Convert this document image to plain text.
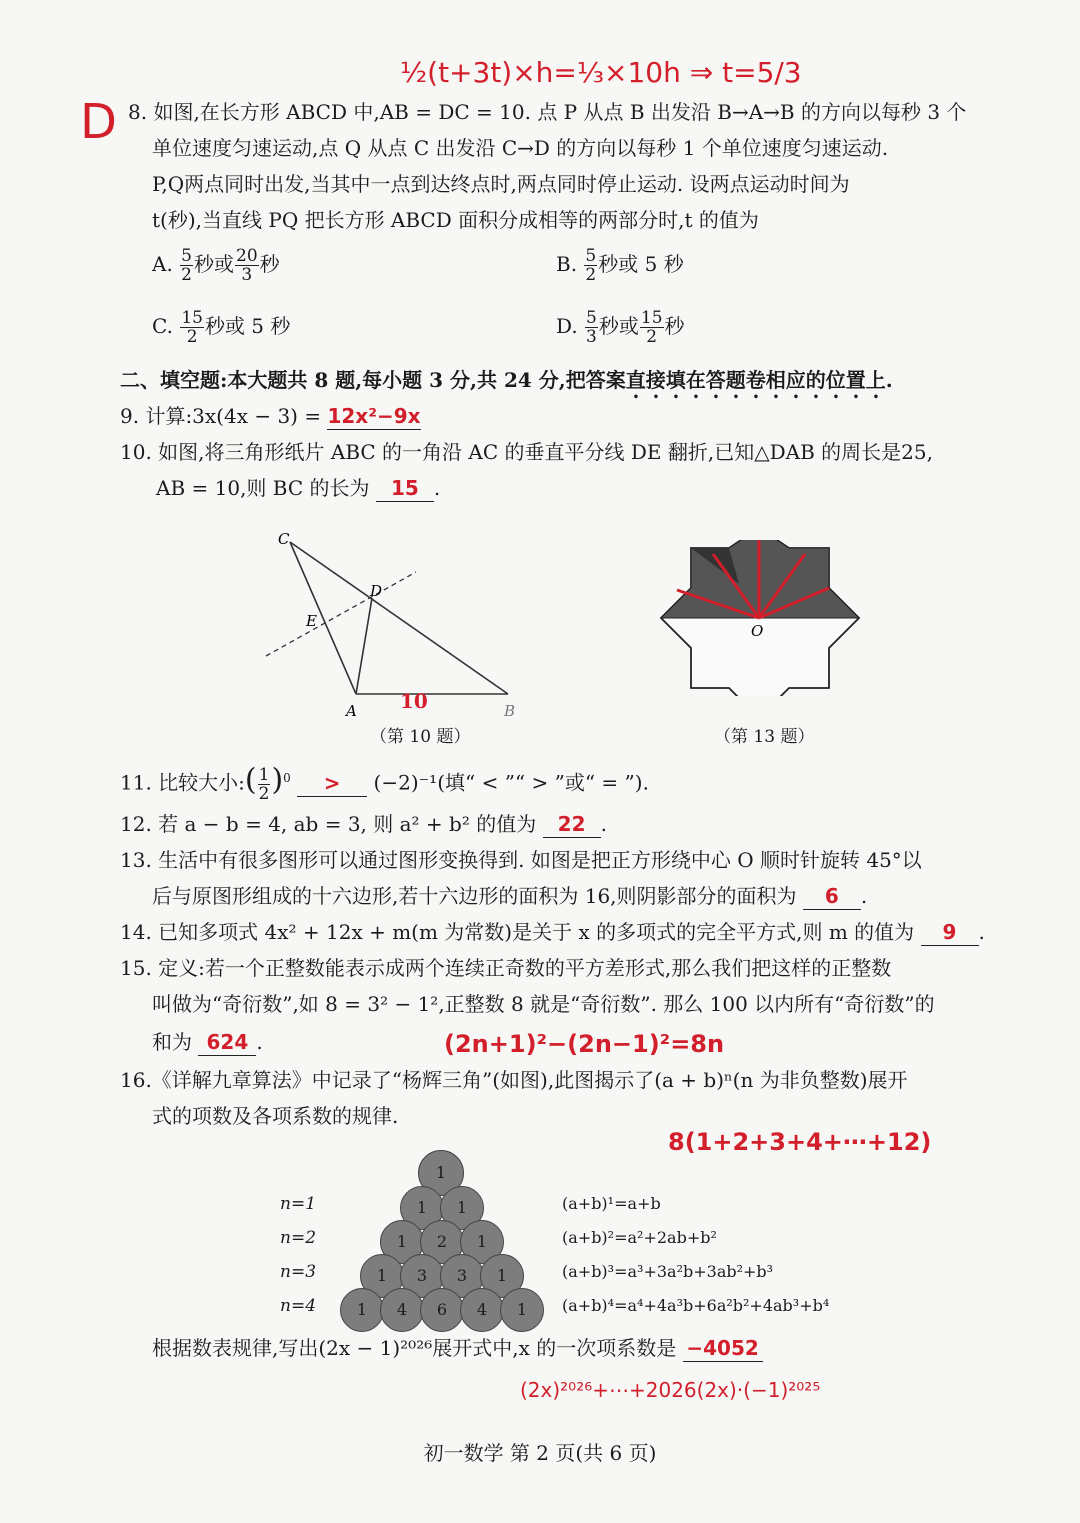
½(t+3t)×h=⅓×10h ⇒ t=5/3
D 8. 如图,在长方形 ABCD 中,AB = DC = 10. 点 P 从点 B 出发沿 B→A→B 的方向以每秒 3 个
单位速度匀速运动,点 Q 从点 C 出发沿 C→D 的方向以每秒 1 个单位速度匀速运动.
P,Q两点同时出发,当其中一点到达终点时,两点同时停止运动. 设两点运动时间为
t(秒),当直线 PQ 把长方形 ABCD 面积分成相等的两部分时,t 的值为
A. $\frac{5}{2}$ 秒或 $\frac{20}{3}$ 秒	B. $\frac{5}{2}$ 秒或 5 秒
C. $\frac{15}{2}$ 秒或 5 秒	D. $\frac{5}{3}$ 秒或 $\frac{15}{2}$ 秒
二、填空题:本大题共 8 题,每小题 3 分,共 24 分,把答案直接填在答题卷相应的位置上.
9. 计算:3x(4x − 3) = 12x²−9x
10. 如图,将三角形纸片 ABC 的一角沿 AC 的垂直平分线 DE 翻折,已知△DAB 的周长是25,
AB = 10,则 BC 的长为 15 .
C
D
E
A	B
10
（第 10 题）
O
（第 13 题）
11. 比较大小:( $\frac{1}{2} )^0 > (-2)^{-1}$(填“ < ”“ > ”或“ = ”).
12. 若 a − b = 4, ab = 3, 则 a² + b² 的值为 22 .
13. 生活中有很多图形可以通过图形变换得到. 如图是把正方形绕中心 O 顺时针旋转 45°以
后与原图形组成的十六边形,若十六边形的面积为 16,则阴影部分的面积为 6 .
14. 已知多项式 4x² + 12x + m(m 为常数)是关于 x 的多项式的完全平方式,则 m 的值为 9 .
15. 定义:若一个正整数能表示成两个连续正奇数的平方差形式,那么我们把这样的正整数
叫做为“奇衍数”,如 8 = 3² − 1²,正整数 8 就是“奇衍数”. 那么 100 以内所有“奇衍数”的
和为 624 .	(2n+1)²−(2n−1)²=8n
16.《详解九章算法》中记录了“杨辉三角”(如图),此图揭示了(a + b)ⁿ(n 为非负整数)展开
式的项数及各项系数的规律.
8(1+2+3+4+⋯+12)
1
1	1
1	2	1
1	3	3	1
1	4	6	4	1
n=1	(a+b)¹=a+b
n=2	(a+b)²=a²+2ab+b²
n=3	(a+b)³=a³+3a²b+3ab²+b³
n=4	(a+b)⁴=a⁴+4a³b+6a²b²+4ab³+b⁴
根据数表规律,写出(2x − 1)²⁰²⁶展开式中,x 的一次项系数是 −4052
(2x)²⁰²⁶+⋯+2026(2x)·(−1)²⁰²⁵
初一数学 第 2 页(共 6 页)
